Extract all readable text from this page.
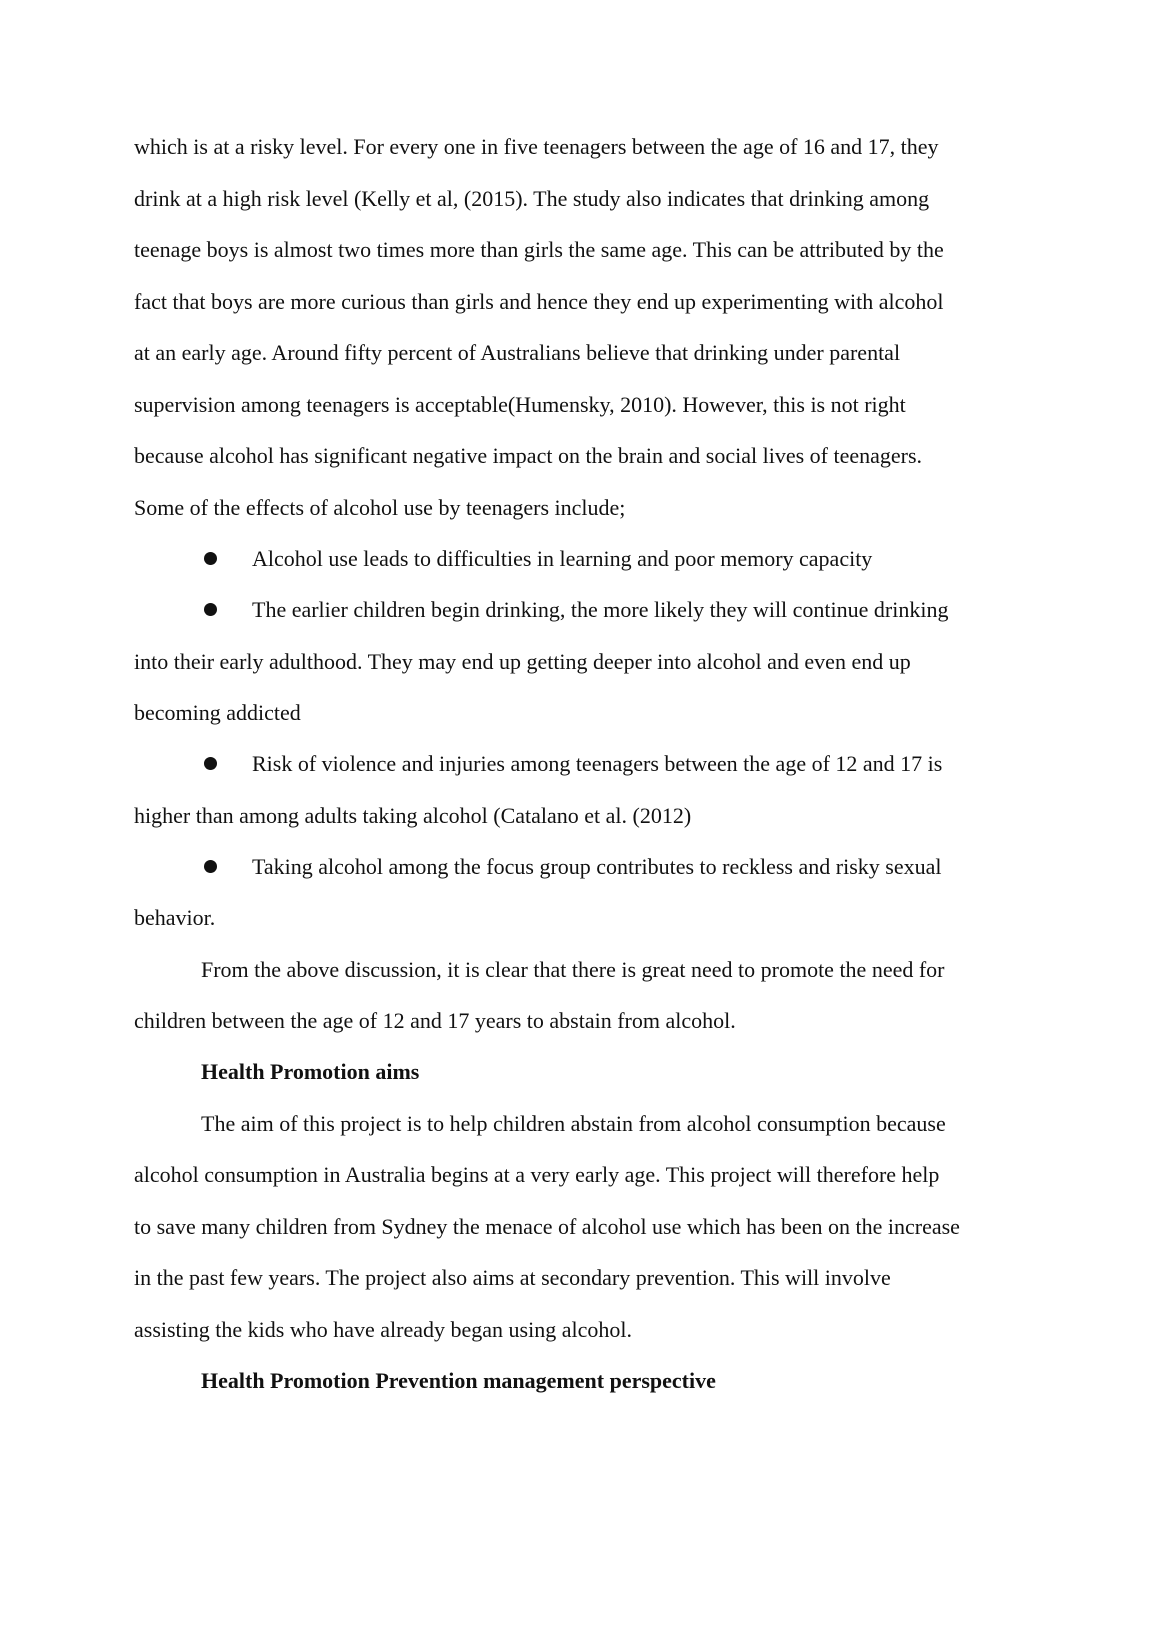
which is at a risky level. For every one in five teenagers between the age of 16 and 17, they

drink at a high risk level (Kelly et al, (2015). The study also indicates that drinking among

teenage boys is almost two times more than girls the same age. This can be attributed by the

fact that boys are more curious than girls and hence they end up experimenting with alcohol

at an early age. Around fifty percent of Australians believe that drinking under parental

supervision among teenagers is acceptable(Humensky, 2010). However, this is not right

because alcohol has significant negative impact on the brain and social lives of teenagers.

Some of the effects of alcohol use by teenagers include;

Alcohol use leads to difficulties in learning and poor memory capacity

The earlier children begin drinking, the more likely they will continue drinking

into their early adulthood. They may end up getting deeper into alcohol and even end up

becoming addicted

Risk of violence and injuries among teenagers between the age of 12 and 17 is

higher than among adults taking alcohol (Catalano et al. (2012)

Taking alcohol among the focus group contributes to reckless and risky sexual

behavior.

From the above discussion, it is clear that there is great need to promote the need for

children between the age of 12 and 17 years to abstain from alcohol.

Health Promotion aims

The aim of this project is to help children abstain from alcohol consumption because

alcohol consumption in Australia begins at a very early age. This project will therefore help

to save many children from Sydney the menace of alcohol use which has been on the increase

in the past few years. The project also aims at secondary prevention. This will involve

assisting the kids who have already began using alcohol.

Health Promotion Prevention management perspective
